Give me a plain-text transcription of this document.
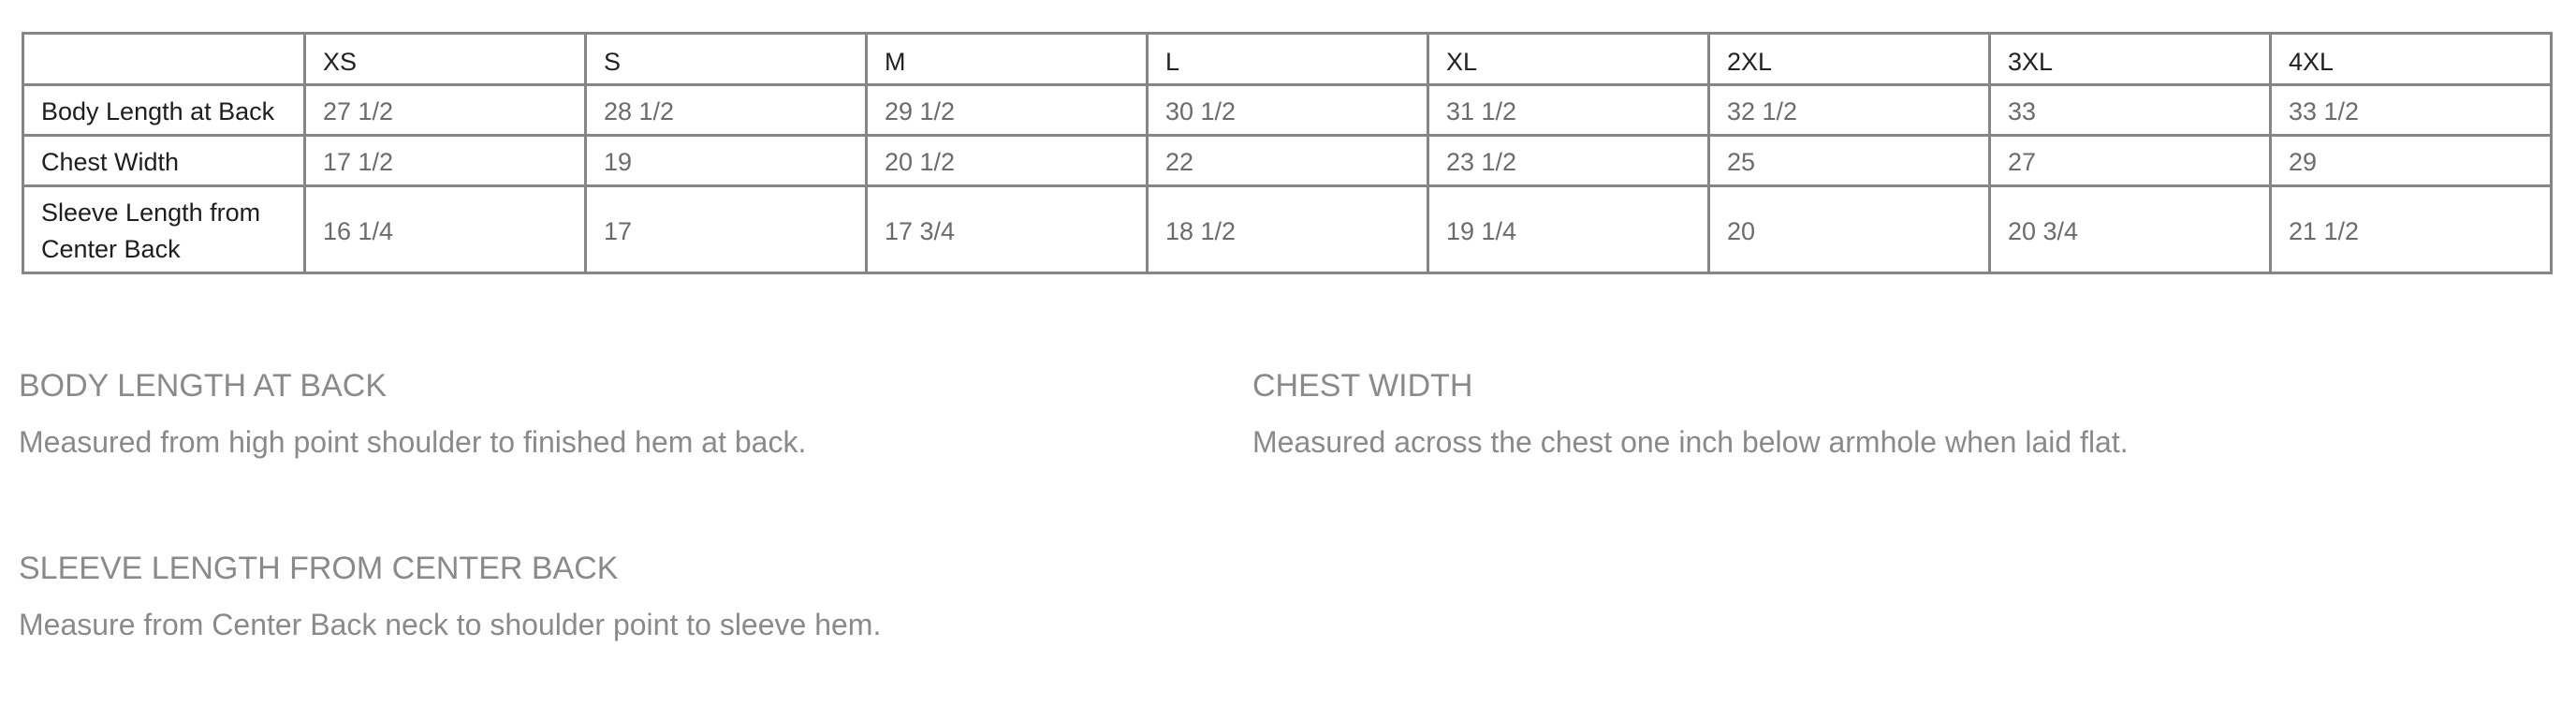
	XS	S	M	L	XL	2XL	3XL	4XL
Body Length at Back	27 1/2	28 1/2	29 1/2	30 1/2	31 1/2	32 1/2	33	33 1/2
Chest Width	17 1/2	19	20 1/2	22	23 1/2	25	27	29
Sleeve Length from
Center Back	16 1/4	17	17 3/4	18 1/2	19 1/4	20	20 3/4	21 1/2
BODY LENGTH AT BACK
Measured from high point shoulder to finished hem at back.
CHEST WIDTH
Measured across the chest one inch below armhole when laid flat.
SLEEVE LENGTH FROM CENTER BACK
Measure from Center Back neck to shoulder point to sleeve hem.
